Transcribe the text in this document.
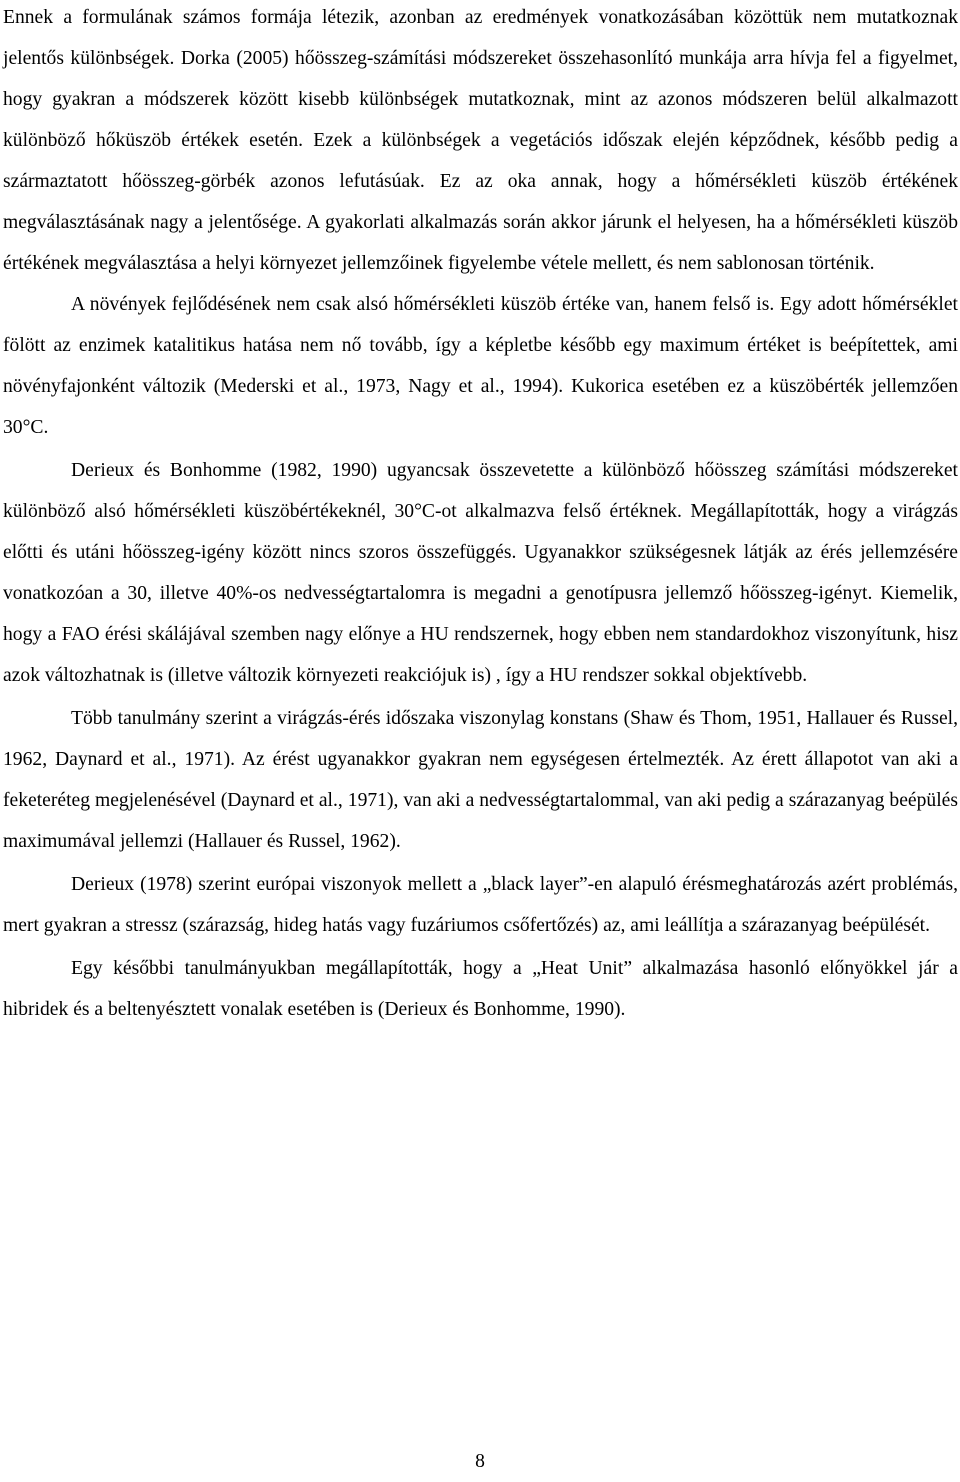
Ennek a formulának számos formája létezik, azonban az eredmények vonatkozásában közöttük nem mutatkoznak jelentős különbségek. Dorka (2005) hőösszeg-számítási módszereket összehasonlító munkája arra hívja fel a figyelmet, hogy gyakran a módszerek között kisebb különbségek mutatkoznak, mint az azonos módszeren belül alkalmazott különböző hőküszöb értékek esetén. Ezek a különbségek a vegetációs időszak elején képződnek, később pedig a származtatott hőösszeg-görbék azonos lefutásúak. Ez az oka annak, hogy a hőmérsékleti küszöb értékének megválasztásának nagy a jelentősége. A gyakorlati alkalmazás során akkor járunk el helyesen, ha a hőmérsékleti küszöb értékének megválasztása a helyi környezet jellemzőinek figyelembe vétele mellett, és nem sablonosan történik.

A növények fejlődésének nem csak alsó hőmérsékleti küszöb értéke van, hanem felső is. Egy adott hőmérséklet fölött az enzimek katalitikus hatása nem nő tovább, így a képletbe később egy maximum értéket is beépítettek, ami növényfajonként változik (Mederski et al., 1973, Nagy et al., 1994). Kukorica esetében ez a küszöbérték jellemzően 30°C.

Derieux és Bonhomme (1982, 1990) ugyancsak összevetette a különböző hőösszeg számítási módszereket különböző alsó hőmérsékleti küszöbértékeknél, 30°C-ot alkalmazva felső értéknek. Megállapították, hogy a virágzás előtti és utáni hőösszeg-igény között nincs szoros összefüggés. Ugyanakkor szükségesnek látják az érés jellemzésére vonatkozóan a 30, illetve 40%-os nedvességtartalomra is megadni a genotípusra jellemző hőösszeg-igényt. Kiemelik, hogy a FAO érési skálájával szemben nagy előnye a HU rendszernek, hogy ebben nem standardokhoz viszonyítunk, hisz azok változhatnak is (illetve változik környezeti reakciójuk is) , így a HU rendszer sokkal objektívebb.

Több tanulmány szerint a virágzás-érés időszaka viszonylag konstans (Shaw és Thom, 1951, Hallauer és Russel, 1962, Daynard et al., 1971). Az érést ugyanakkor gyakran nem egységesen értelmezték. Az érett állapotot van aki a feketeréteg megjelenésével (Daynard et al., 1971), van aki a nedvességtartalommal, van aki pedig a szárazanyag beépülés maximumával jellemzi (Hallauer és Russel, 1962).

Derieux (1978) szerint európai viszonyok mellett a „black layer”-en alapuló érésmeghatározás azért problémás, mert gyakran a stressz (szárazság, hideg hatás vagy fuzáriumos csőfertőzés) az, ami leállítja a szárazanyag beépülését.

Egy későbbi tanulmányukban megállapították, hogy a „Heat Unit” alkalmazása hasonló előnyökkel jár a hibridek és a beltenyésztett vonalak esetében is (Derieux és Bonhomme, 1990).

8
